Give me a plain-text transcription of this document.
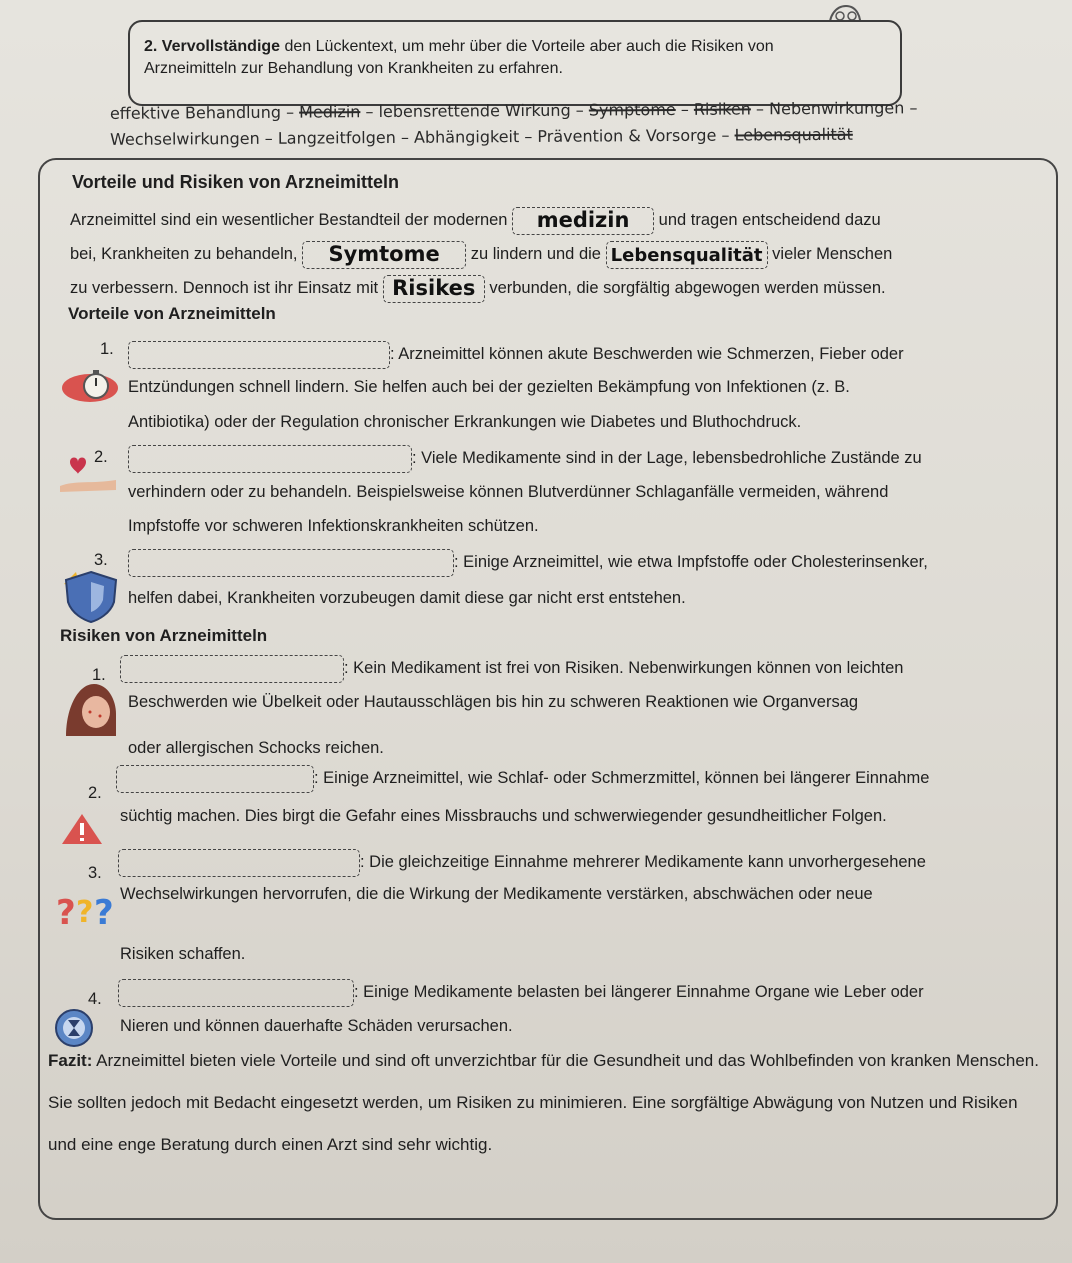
2. Vervollständige den Lückentext, um mehr über die Vorteile aber auch die Risiken von Arzneimitteln zur Behandlung von Krankheiten zu erfahren.
effektive Behandlung – Medizin – lebensrettende Wirkung – Symptome – Risiken – Nebenwirkungen –
Wechselwirkungen – Langzeitfolgen – Abhängigkeit – Prävention & Vorsorge – Lebensqualität
Vorteile und Risiken von Arzneimitteln
Arzneimittel sind ein wesentlicher Bestandteil der modernen medizin und tragen entscheidend dazu
bei, Krankheiten zu behandeln, Symtome zu lindern und die Lebensqualität vieler Menschen
zu verbessern. Dennoch ist ihr Einsatz mit Risikes verbunden, die sorgfältig abgewogen werden müssen.
Vorteile von Arzneimitteln
1.	: Arzneimittel können akute Beschwerden wie Schmerzen, Fieber oder
Entzündungen schnell lindern. Sie helfen auch bei der gezielten Bekämpfung von Infektionen (z. B.
Antibiotika) oder der Regulation chronischer Erkrankungen wie Diabetes und Bluthochdruck.
2.	: Viele Medikamente sind in der Lage, lebensbedrohliche Zustände zu
verhindern oder zu behandeln. Beispielsweise können Blutverdünner Schlaganfälle vermeiden, während
Impfstoffe vor schweren Infektionskrankheiten schützen.
3.	: Einige Arzneimittel, wie etwa Impfstoffe oder Cholesterinsenker,
helfen dabei, Krankheiten vorzubeugen damit diese gar nicht erst entstehen.
Risiken von Arzneimitteln
1.	: Kein Medikament ist frei von Risiken. Nebenwirkungen können von leichten
Beschwerden wie Übelkeit oder Hautausschlägen bis hin zu schweren Reaktionen wie Organversag
oder allergischen Schocks reichen.
2.
: Einige Arzneimittel, wie Schlaf- oder Schmerzmittel, können bei längerer Einnahme
süchtig machen. Dies birgt die Gefahr eines Missbrauchs und schwerwiegender gesundheitlicher Folgen.
3.
? ? ?
: Die gleichzeitige Einnahme mehrerer Medikamente kann unvorhergesehene
Wechselwirkungen hervorrufen, die die Wirkung der Medikamente verstärken, abschwächen oder neue
Risiken schaffen.
4.	: Einige Medikamente belasten bei längerer Einnahme Organe wie Leber oder
Nieren und können dauerhafte Schäden verursachen.
Fazit: Arzneimittel bieten viele Vorteile und sind oft unverzichtbar für die Gesundheit und das Wohlbefinden von kranken Menschen. Sie sollten jedoch mit Bedacht eingesetzt werden, um Risiken zu minimieren. Eine sorgfältige Abwägung von Nutzen und Risiken und eine enge Beratung durch einen Arzt sind sehr wichtig.
